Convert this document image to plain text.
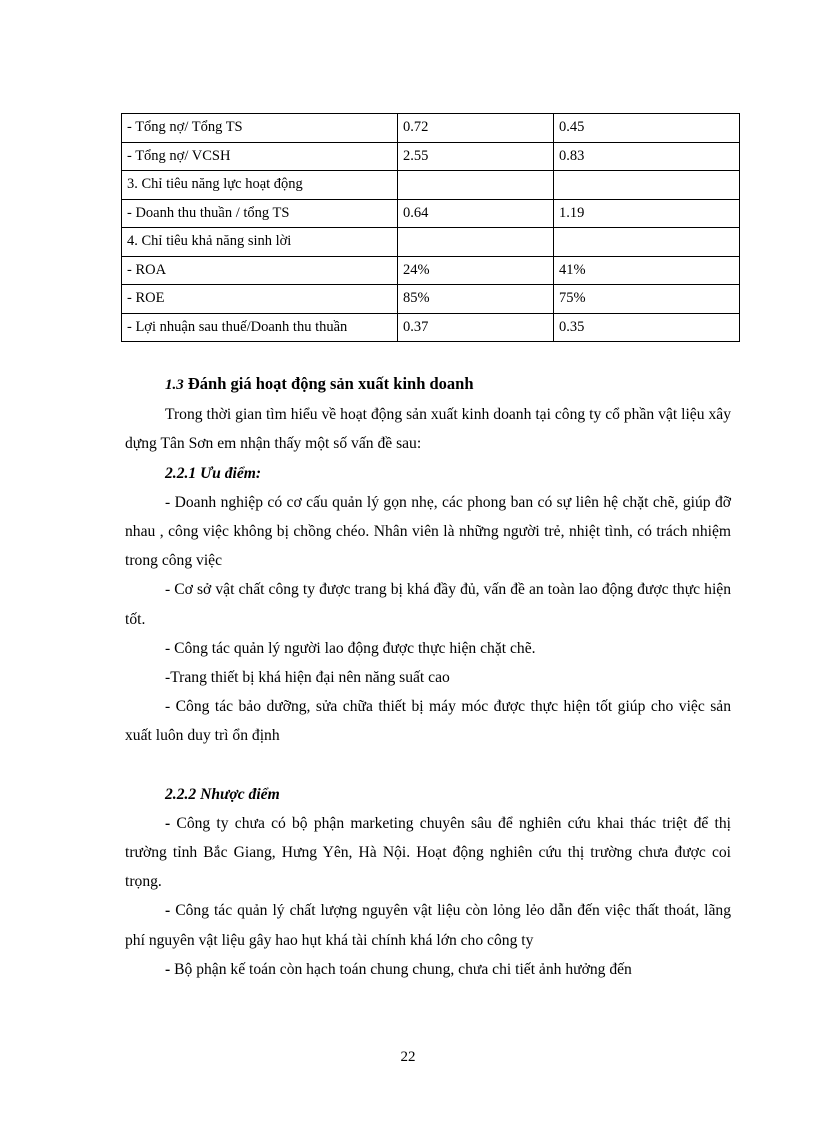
- Tổng nợ/ Tổng TS	0.72	0.45
- Tổng nợ/ VCSH	2.55	0.83
3. Chỉ tiêu năng lực hoạt động		
- Doanh thu thuần / tổng TS	0.64	1.19
4. Chỉ tiêu khả năng sinh lời		
- ROA	24%	41%
- ROE	85%	75%
- Lợi nhuận sau thuế/Doanh thu thuần	0.37	0.35

1.3 Đánh giá hoạt động sản xuất kinh doanh

Trong thời gian tìm hiểu về hoạt động sản xuất kinh doanh tại công ty cổ phần vật liệu xây dựng Tân Sơn em nhận thấy một số vấn đề sau:

2.2.1 Ưu điểm:

- Doanh nghiệp có cơ cấu quản lý gọn nhẹ, các phong ban có sự liên hệ chặt chẽ, giúp đỡ nhau , công việc không bị chồng chéo. Nhân viên là những người trẻ, nhiệt tình, có trách nhiệm trong công việc

- Cơ sở vật chất công ty được trang bị khá đầy đủ, vấn đề an toàn lao động được thực hiện tốt.

- Công tác quản lý người lao động được thực hiện chặt chẽ.

-Trang thiết bị khá hiện đại nên năng suất cao

- Công tác bảo dưỡng, sửa chữa thiết bị máy móc được thực hiện tốt giúp cho việc sản xuất luôn duy trì ổn định

2.2.2 Nhược điểm

- Công ty chưa có bộ phận marketing chuyên sâu để nghiên cứu khai thác triệt để thị trường tỉnh Bắc Giang, Hưng Yên, Hà Nội. Hoạt động nghiên cứu thị trường chưa được coi trọng.

- Công tác quản lý chất lượng nguyên vật liệu còn lỏng lẻo dẫn đến việc thất thoát, lãng phí nguyên vật liệu gây hao hụt khá tài chính khá lớn cho công ty

- Bộ phận kế toán còn hạch toán chung chung, chưa chi tiết ảnh hưởng đến

22
